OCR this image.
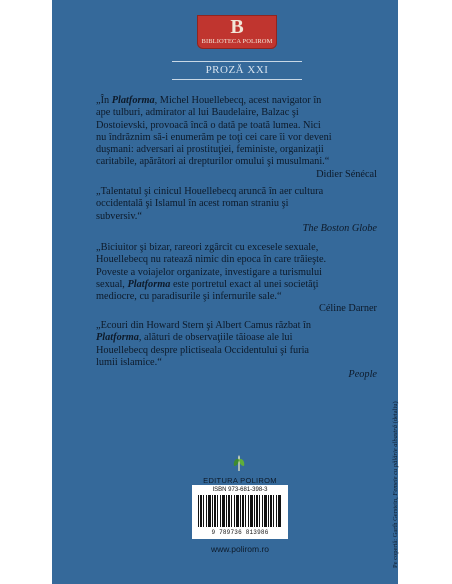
B
BIBLIOTECA POLIROM
PROZĂ XXI
„În Platforma, Michel Houellebecq, acest navigator în
ape tulburi, admirator al lui Baudelaire, Balzac şi
Dostoievski, provoacă încă o dată pe toată lumea. Nici
nu îndrăznim să-i enumerăm pe toţi cei care îi vor deveni
duşmani: adversari ai prostituţiei, feministe, organizaţii
caritabile, apărători ai drepturilor omului şi musulmani.“
Didier Sénécal
„Talentatul şi cinicul Houellebecq aruncă în aer cultura
occidentală şi Islamul în acest roman straniu şi
subversiv.“
The Boston Globe
„Biciuitor şi bizar, rareori zgârcit cu excesele sexuale,
Houellebecq nu ratează nimic din epoca în care trăieşte.
Poveste a voiajelor organizate, investigare a turismului
sexual, Platforma este portretul exact al unei societăţi
mediocre, cu paradisurile şi infernurile sale.“
Céline Darner
„Ecouri din Howard Stern şi Albert Camus răzbat în
Platforma, alături de observaţiile tăioase ale lui
Houellebecq despre plictiseala Occidentului şi furia
lumii islamice.“
People
EDITURA POLIROM
ISBN 973-681-398-3
9 789736 813986
www.polirom.ro	Pe copertă: Garth Gerstein, Femeie cu pălărie albastră (detaliu)
